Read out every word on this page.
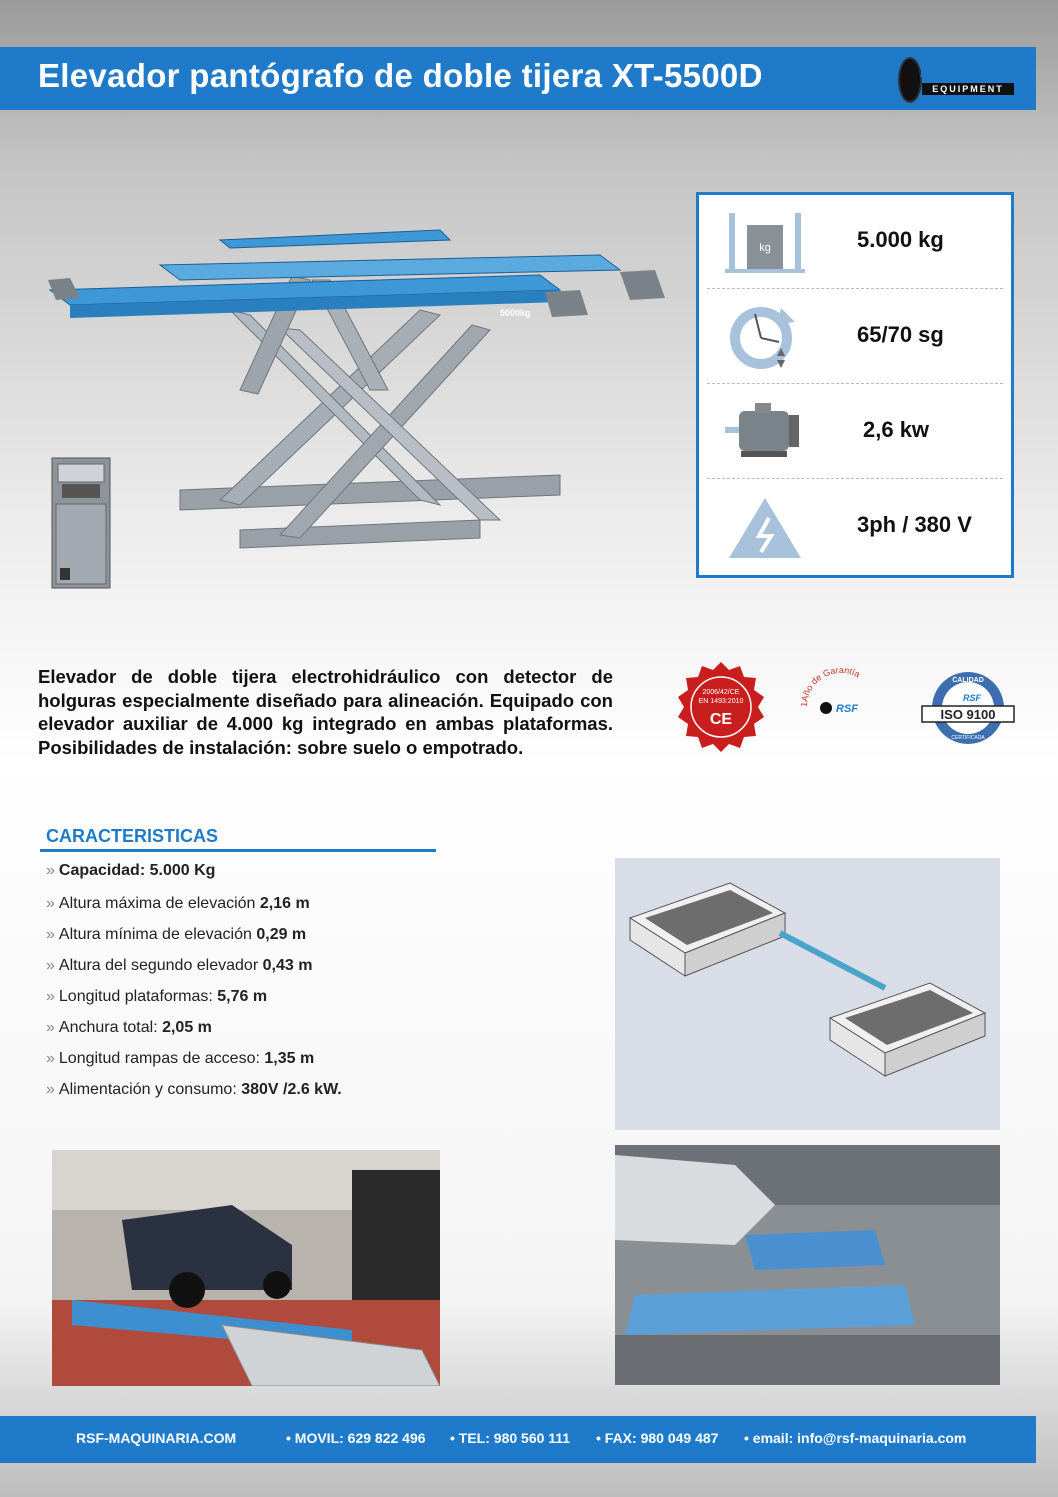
Elevador pantógrafo de doble tijera XT-5500D	RSF
EQUIPMENT
5000kg
kg	5.000 kg
65/70 sg
2,6 kw
3ph / 380 V
Elevador de doble tijera electrohidráulico con detector de holguras especialmente diseñado para alineación. Equipado con elevador auxiliar de 4.000 kg integrado en ambas plataformas. Posibilidades de instalación: sobre suelo o empotrado.
2006/42/CE
EN 1493:2010
CE
1Año de Garantía
RSF
CALIDAD
RSF
ISO 9100
CERTIFICADA
CARACTERISTICAS
» Capacidad: 5.000 Kg
» Altura máxima de elevación 2,16 m
» Altura mínima de elevación 0,29 m
» Altura del segundo elevador 0,43 m
» Longitud plataformas: 5,76 m
» Anchura total: 2,05 m
» Longitud rampas de acceso: 1,35 m
» Alimentación y consumo: 380V /2.6 kW.
RSF-MAQUINARIA.COM	• MOVIL: 629 822 496 • TEL: 980 560 111 • FAX: 980 049 487 • email: info@rsf-maquinaria.com
